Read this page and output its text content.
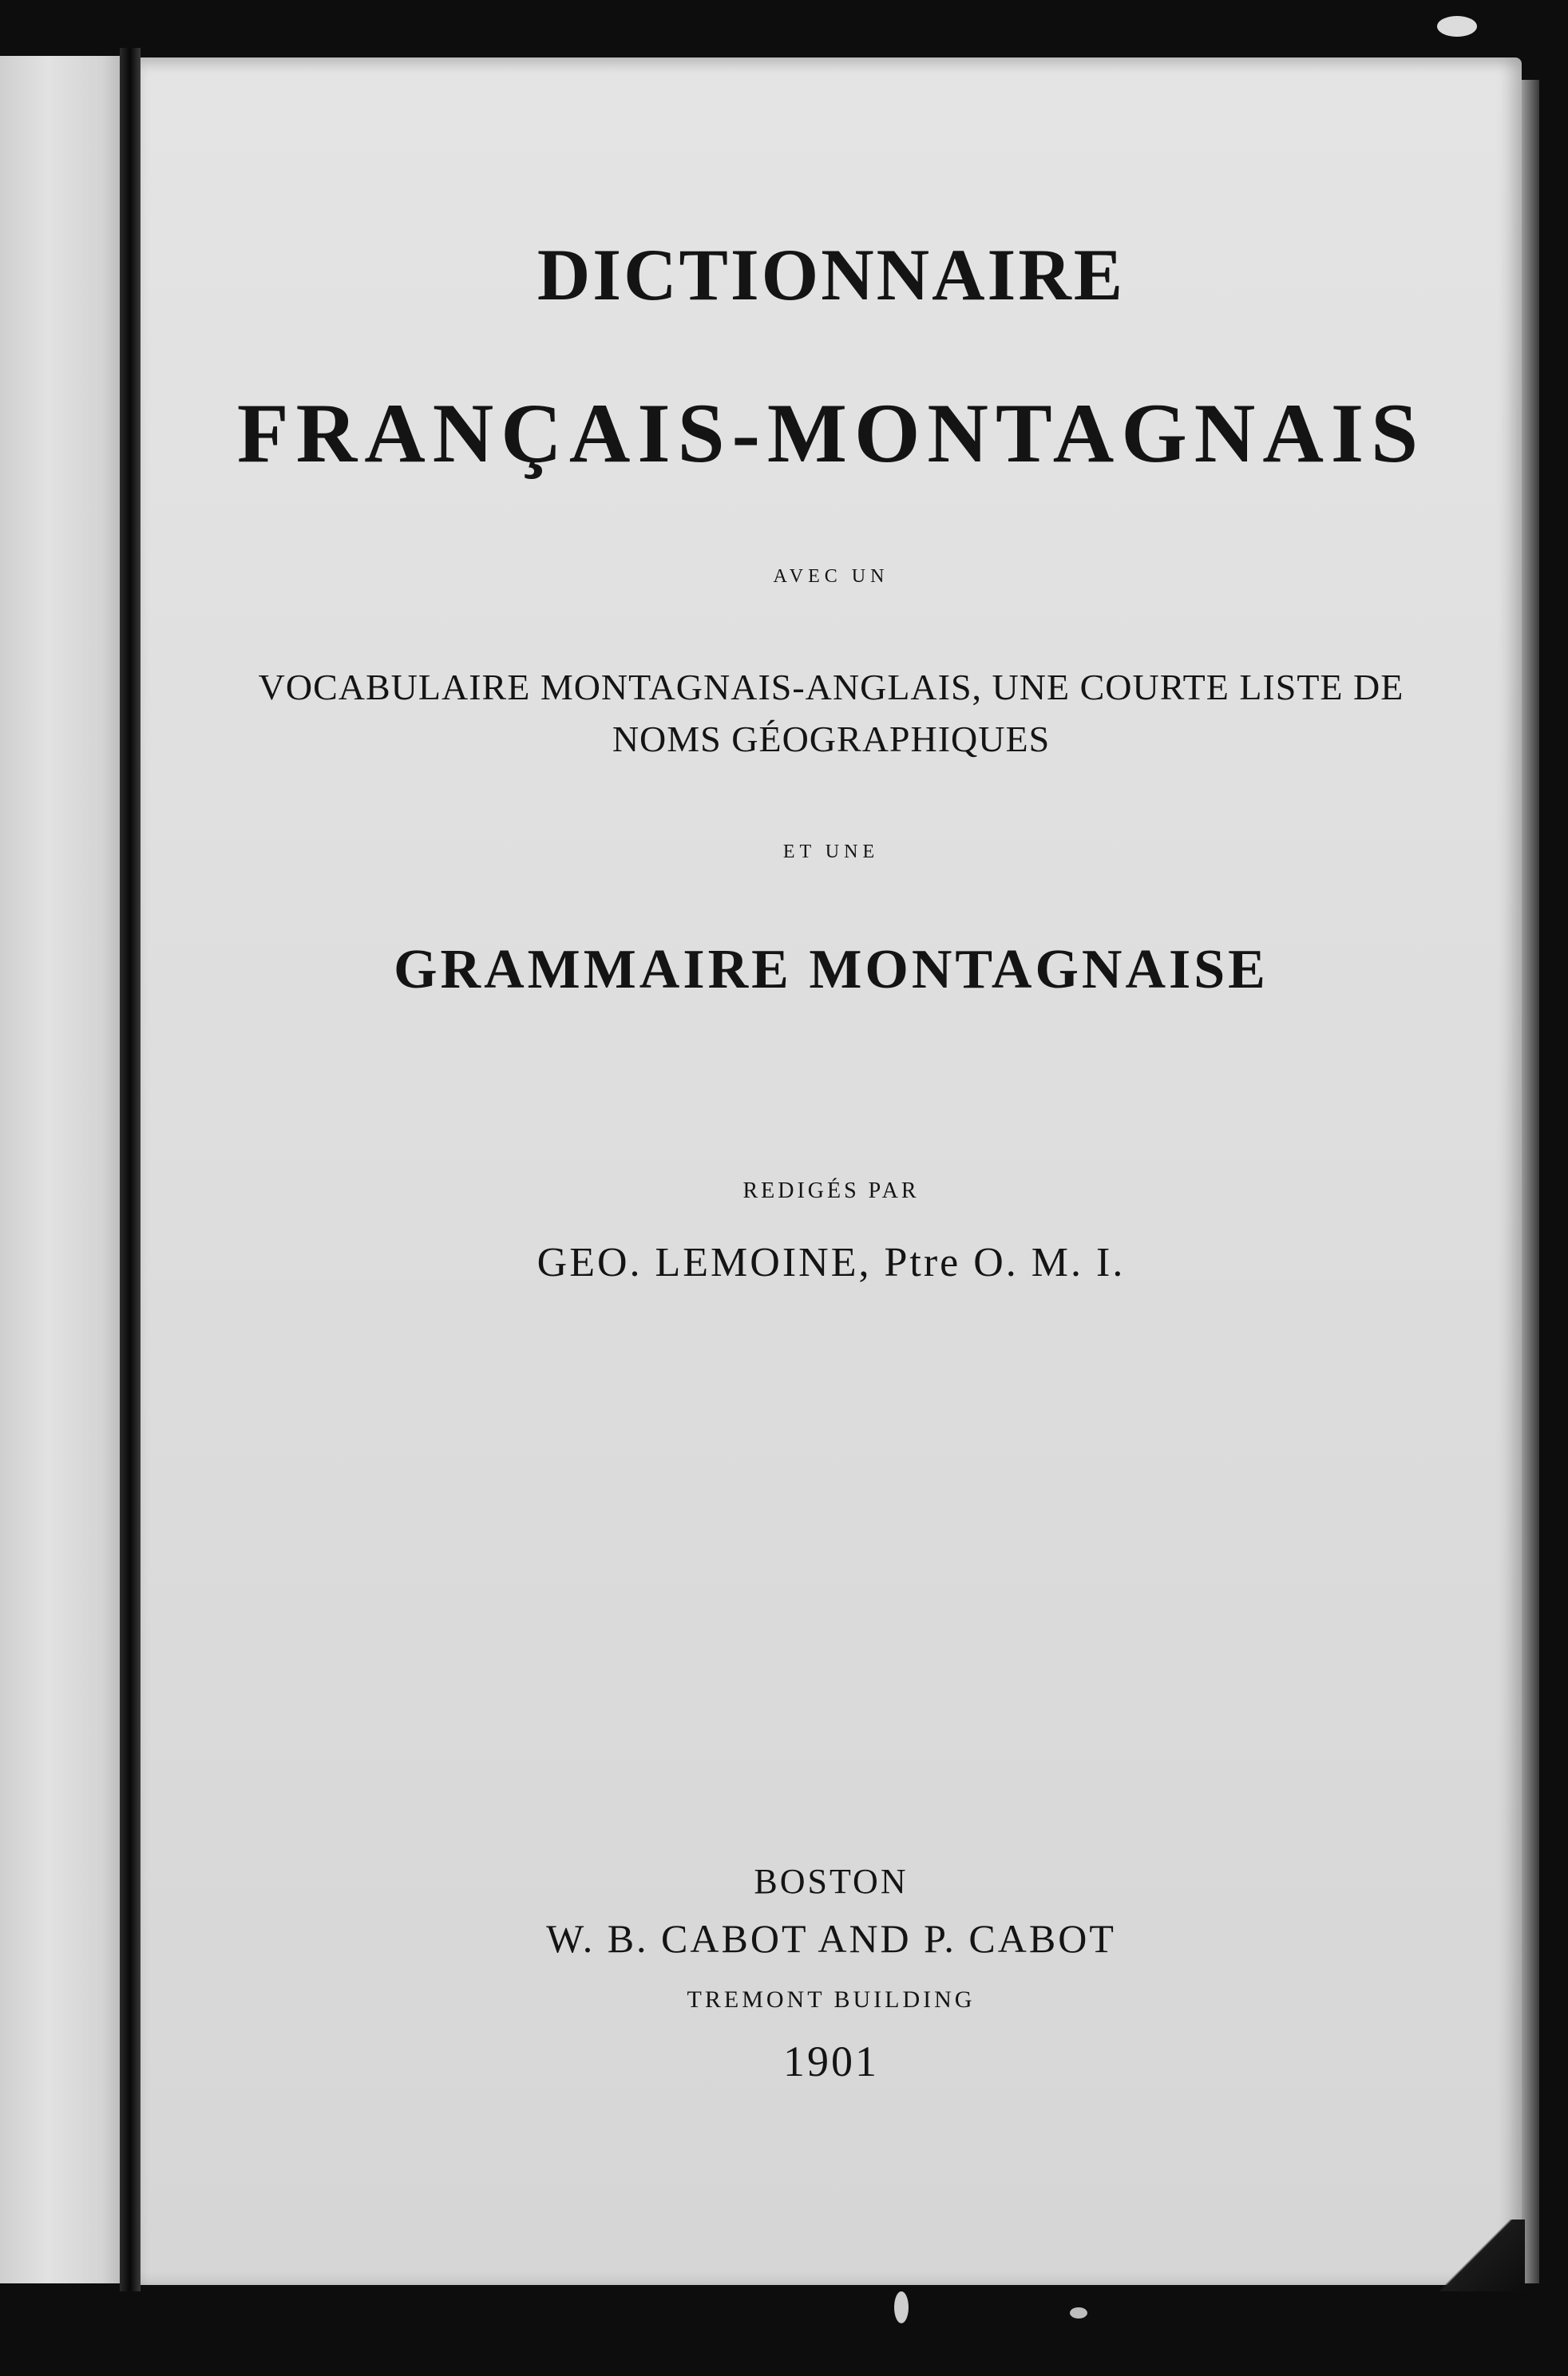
DICTIONNAIRE
FRANÇAIS-MONTAGNAIS

AVEC UN

VOCABULAIRE MONTAGNAIS-ANGLAIS, UNE COURTE LISTE DE

NOMS GÉOGRAPHIQUES

ET UNE

GRAMMAIRE MONTAGNAISE

REDIGÉS PAR

GEO. LEMOINE, Ptre O. M. I.

BOSTON

W. B. CABOT AND P. CABOT

TREMONT BUILDING

1901
